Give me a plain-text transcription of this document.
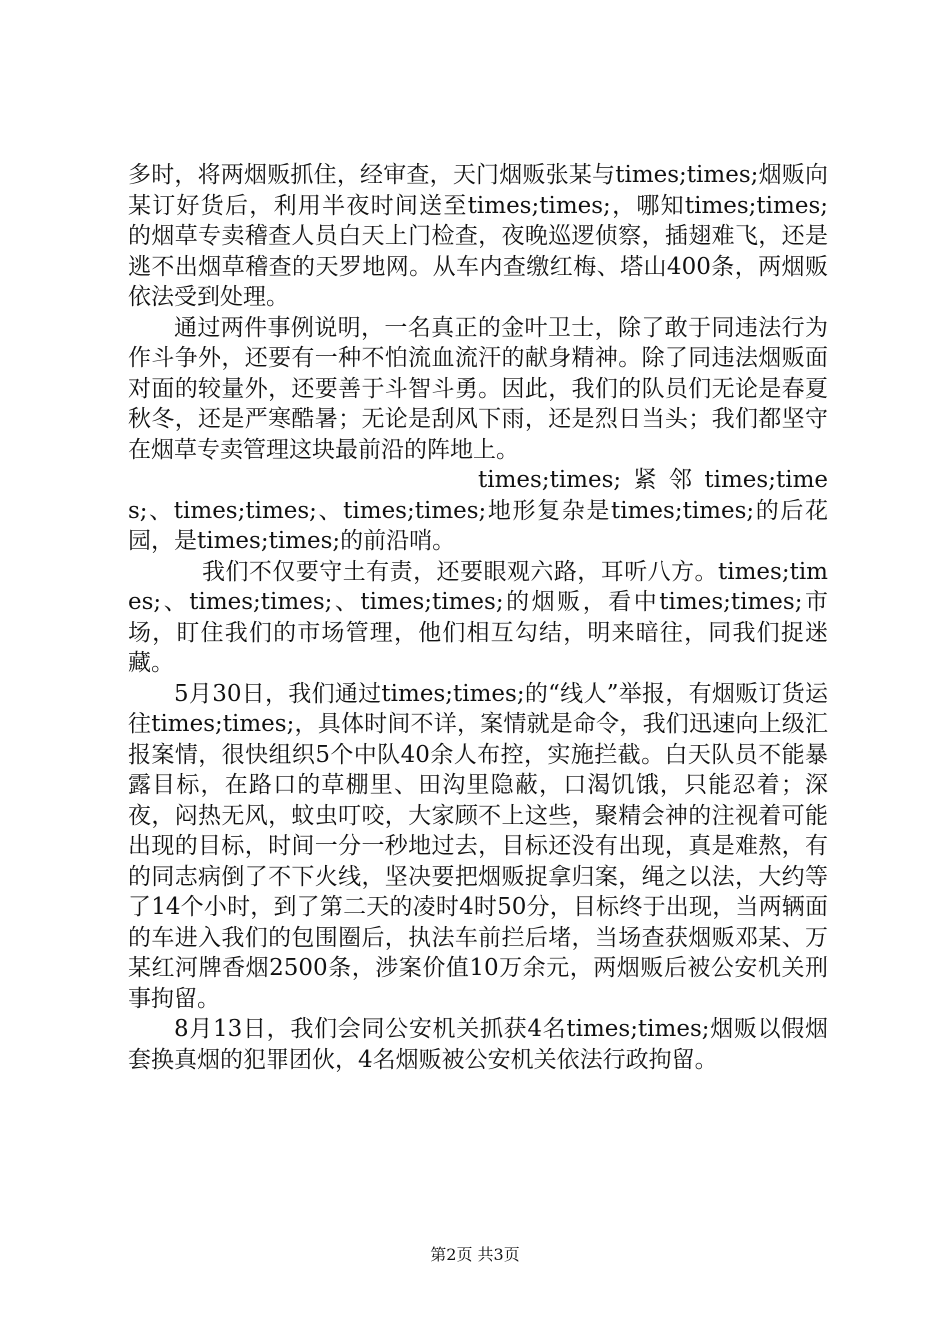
多时，将两烟贩抓住，经审查，天门烟贩张某与times;times;烟贩向某订好货后，利用半夜时间送至times;times;，哪知times;times;的烟草专卖稽查人员白天上门检查，夜晚巡逻侦察，插翅难飞，还是逃不出烟草稽查的天罗地网。从车内查缴红梅、塔山400条，两烟贩依法受到处理。

通过两件事例说明，一名真正的金叶卫士，除了敢于同违法行为作斗争外，还要有一种不怕流血流汗的献身精神。除了同违法烟贩面对面的较量外，还要善于斗智斗勇。因此，我们的队员们无论是春夏秋冬，还是严寒酷暑；无论是刮风下雨，还是烈日当头；我们都坚守在烟草专卖管理这块最前沿的阵地上。

times;times;紧邻times;times;、times;times;、times;times;地形复杂是times;times;的后花园，是times;times;的前沿哨。

我们不仅要守土有责，还要眼观六路，耳听八方。times;times;、times;times;、times;times;的烟贩，看中times;times;市场，盯住我们的市场管理，他们相互勾结，明来暗往，同我们捉迷藏。

5月30日，我们通过times;times;的“线人”举报，有烟贩订货运往times;times;，具体时间不详，案情就是命令，我们迅速向上级汇报案情，很快组织5个中队40余人布控，实施拦截。白天队员不能暴露目标，在路口的草棚里、田沟里隐蔽，口渴饥饿，只能忍着；深夜，闷热无风，蚊虫叮咬，大家顾不上这些，聚精会神的注视着可能出现的目标，时间一分一秒地过去，目标还没有出现，真是难熬，有的同志病倒了不下火线，坚决要把烟贩捉拿归案，绳之以法，大约等了14个小时，到了第二天的凌时4时50分，目标终于出现，当两辆面的车进入我们的包围圈后，执法车前拦后堵，当场查获烟贩邓某、万某红河牌香烟2500条，涉案价值10万余元，两烟贩后被公安机关刑事拘留。

8月13日，我们会同公安机关抓获4名times;times;烟贩以假烟套换真烟的犯罪团伙，4名烟贩被公安机关依法行政拘留。

第2页 共3页
